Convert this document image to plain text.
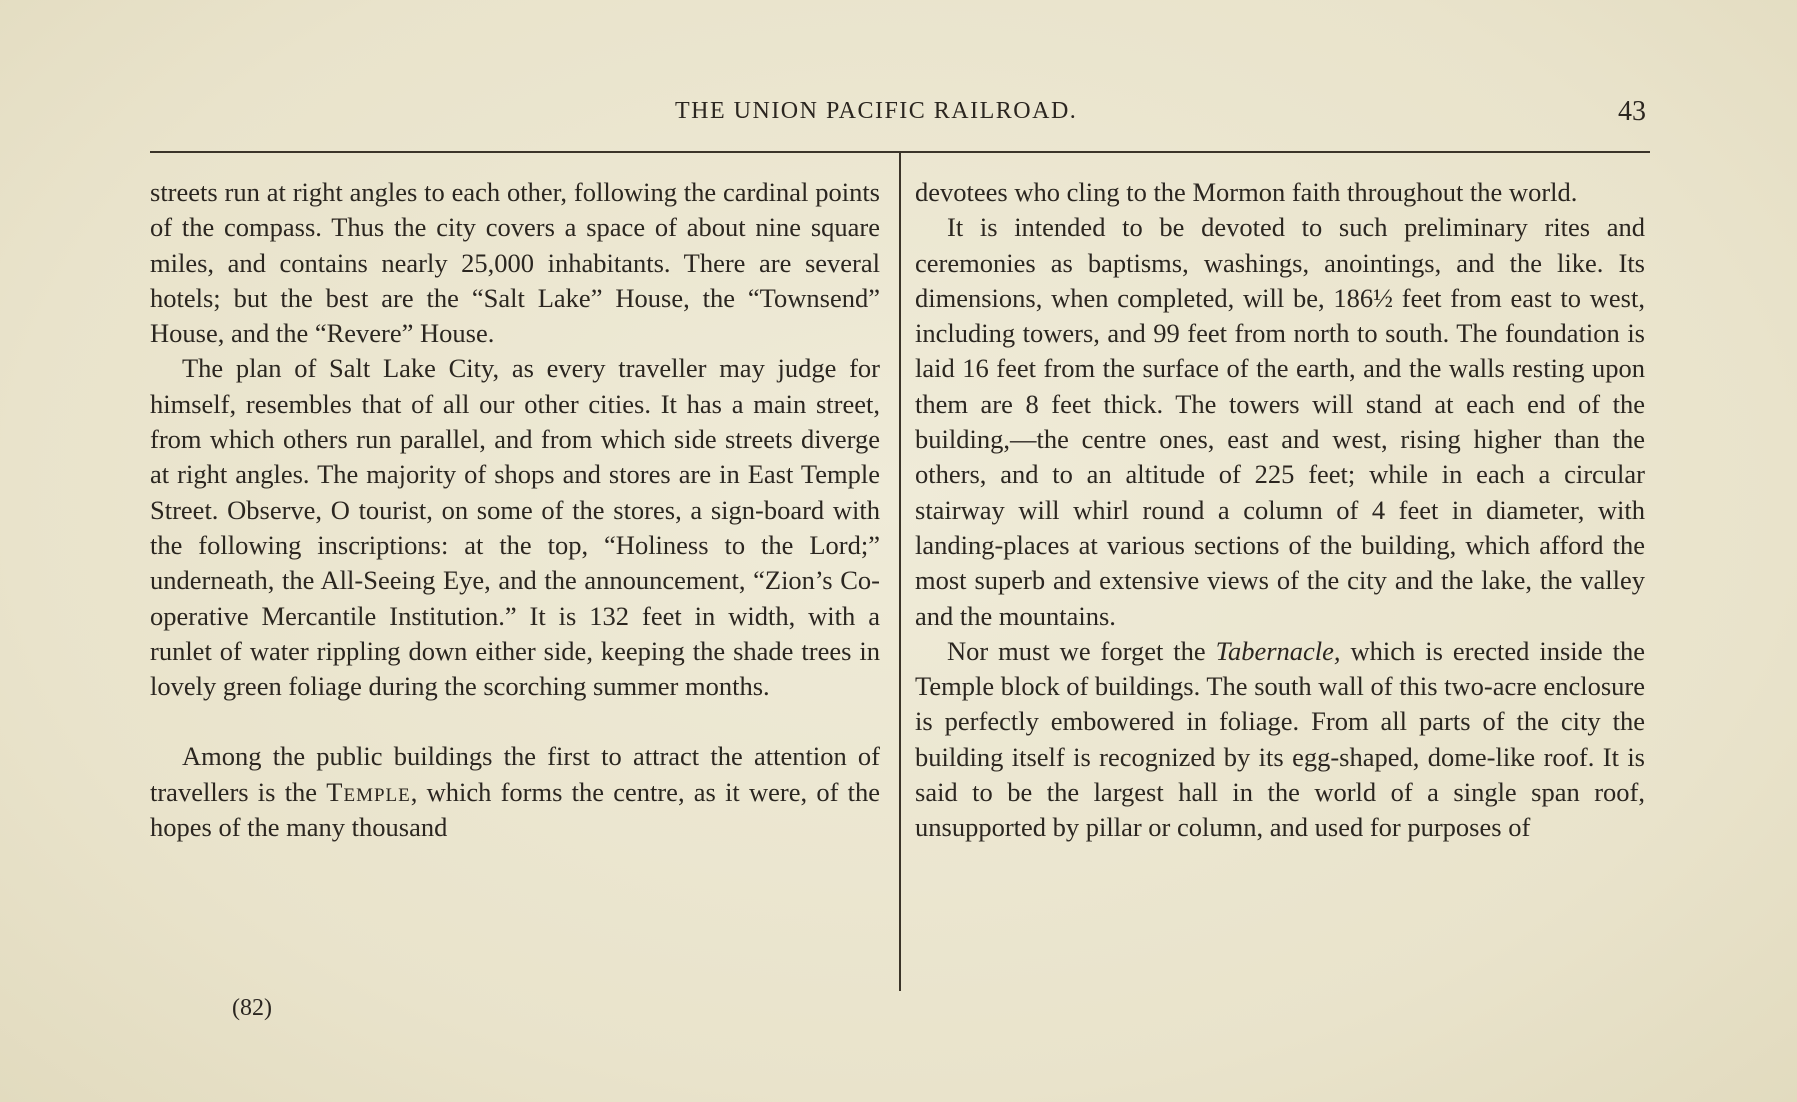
THE UNION PACIFIC RAILROAD.	43

streets run at right angles to each other, following the cardinal points of the compass. Thus the city covers a space of about nine square miles, and contains nearly 25,000 inhabitants. There are several hotels; but the best are the “Salt Lake” House, the “Townsend” House, and the “Revere” House.

The plan of Salt Lake City, as every traveller may judge for himself, resembles that of all our other cities. It has a main street, from which others run parallel, and from which side streets diverge at right angles. The majority of shops and stores are in East Temple Street. Observe, O tourist, on some of the stores, a sign-board with the following inscriptions: at the top, “Holiness to the Lord;” underneath, the All-Seeing Eye, and the announcement, “Zion’s Co-operative Mercantile Institution.” It is 132 feet in width, with a runlet of water rippling down either side, keeping the shade trees in lovely green foliage during the scorching summer months.

Among the public buildings the first to attract the attention of travellers is the Temple, which forms the centre, as it were, of the hopes of the many thousand

devotees who cling to the Mormon faith throughout the world.

It is intended to be devoted to such preliminary rites and ceremonies as baptisms, washings, anointings, and the like. Its dimensions, when completed, will be, 186½ feet from east to west, including towers, and 99 feet from north to south. The foundation is laid 16 feet from the surface of the earth, and the walls resting upon them are 8 feet thick. The towers will stand at each end of the building,—the centre ones, east and west, rising higher than the others, and to an altitude of 225 feet; while in each a circular stairway will whirl round a column of 4 feet in diameter, with landing-places at various sections of the building, which afford the most superb and extensive views of the city and the lake, the valley and the mountains.

Nor must we forget the Tabernacle, which is erected inside the Temple block of buildings. The south wall of this two-acre enclosure is perfectly embowered in foliage. From all parts of the city the building itself is recognized by its egg-shaped, dome-like roof. It is said to be the largest hall in the world of a single span roof, unsupported by pillar or column, and used for purposes of

(82)
